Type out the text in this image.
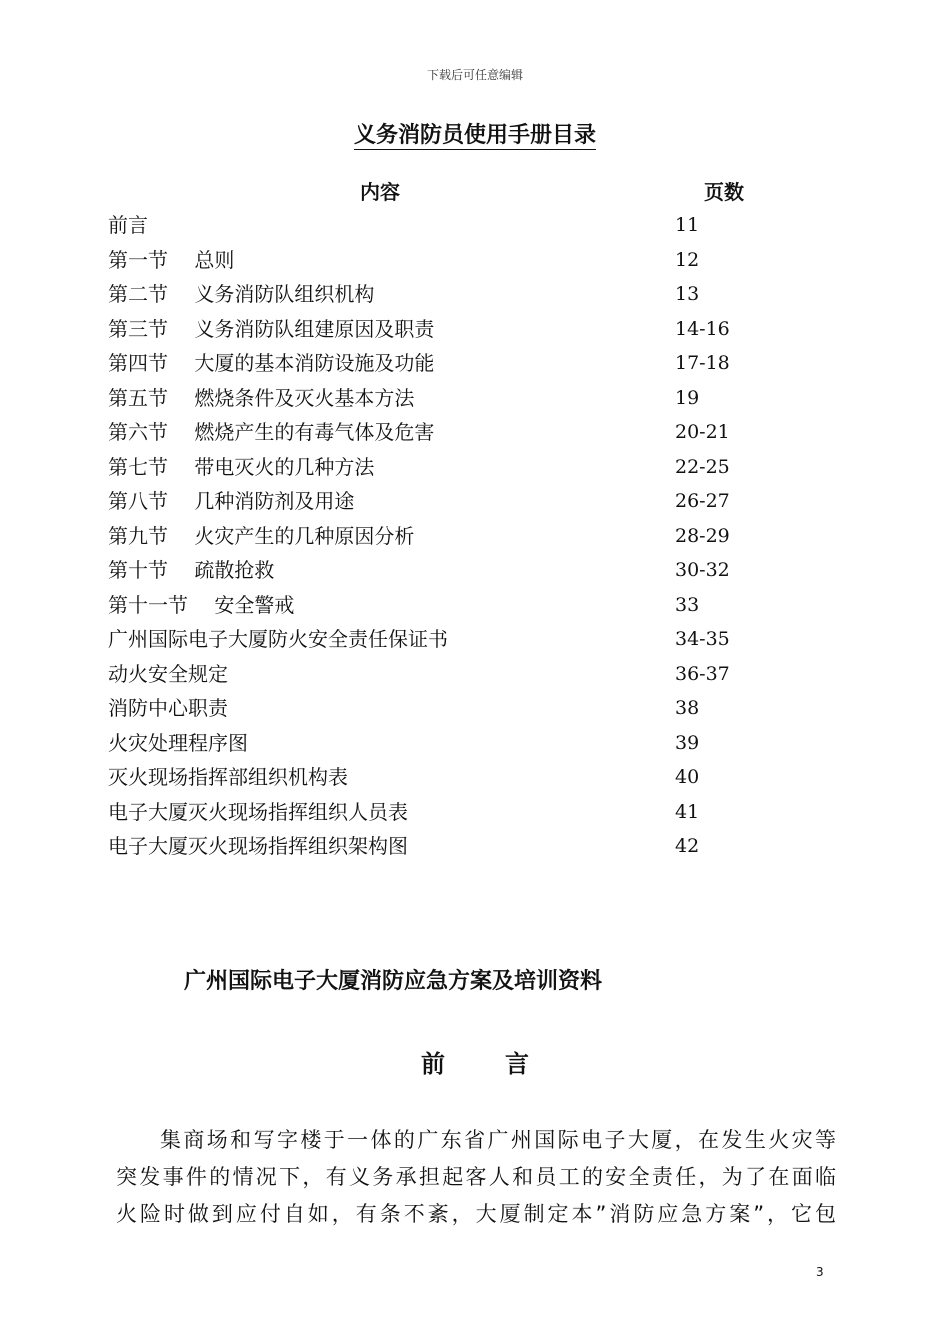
下载后可任意编辑
义务消防员使用手册目录
内容	页数
前言	11
第一节　 总则	12
第二节　 义务消防队组织机构	13
第三节　 义务消防队组建原因及职责	14-16
第四节　 大厦的基本消防设施及功能	17-18
第五节　 燃烧条件及灭火基本方法	19
第六节　 燃烧产生的有毒气体及危害	20-21
第七节　 带电灭火的几种方法	22-25
第八节　 几种消防剂及用途	26-27
第九节　 火灾产生的几种原因分析	28-29
第十节　 疏散抢救	30-32
第十一节　 安全警戒	33
广州国际电子大厦防火安全责任保证书	34-35
动火安全规定	36-37
消防中心职责	38
火灾处理程序图	39
灭火现场指挥部组织机构表	40
电子大厦灭火现场指挥组织人员表	41
电子大厦灭火现场指挥组织架构图	42
广州国际电子大厦消防应急方案及培训资料
前言
集商场和写字楼于一体的广东省广州国际电子大厦，在发生火灾等
突发事件的情况下，有义务承担起客人和员工的安全责任，为了在面临
火险时做到应付自如，有条不紊，大厦制定本”消防应急方案”，它包
3
